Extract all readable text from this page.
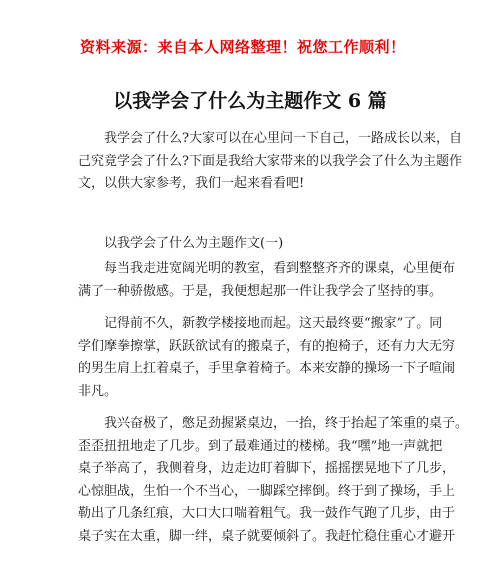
资料来源：来自本人网络整理！祝您工作顺利！
以我学会了什么为主题作文 6 篇
我学会了什么?大家可以在心里问一下自己，一路成长以来，自
己究竟学会了什么?下面是我给大家带来的以我学会了什么为主题作
文，以供大家参考，我们一起来看看吧!
以我学会了什么为主题作文(一)
每当我走进宽阔光明的教室，看到整整齐齐的课桌，心里便布
满了一种骄傲感。于是，我便想起那一件让我学会了坚持的事。
记得前不久，新教学楼接地而起。这天最终要“搬家”了。同
学们摩拳擦掌，跃跃欲试有的搬桌子，有的抱椅子，还有力大无穷
的男生肩上扛着桌子，手里拿着椅子。本来安静的操场一下子喧闹
非凡。
我兴奋极了，憋足劲握紧桌边，一抬，终于抬起了笨重的桌子。
歪歪扭扭地走了几步。到了最难通过的楼梯。我“嘿”地一声就把
桌子举高了，我侧着身，边走边盯着脚下，摇摇摆晃地下了几步，
心惊胆战，生怕一个不当心，一脚踩空摔倒。终于到了操场，手上
勒出了几条红痕，大口大口喘着粗气。我一鼓作气跑了几步，由于
桌子实在太重，脚一绊，桌子就要倾斜了。我赶忙稳住重心才避开
